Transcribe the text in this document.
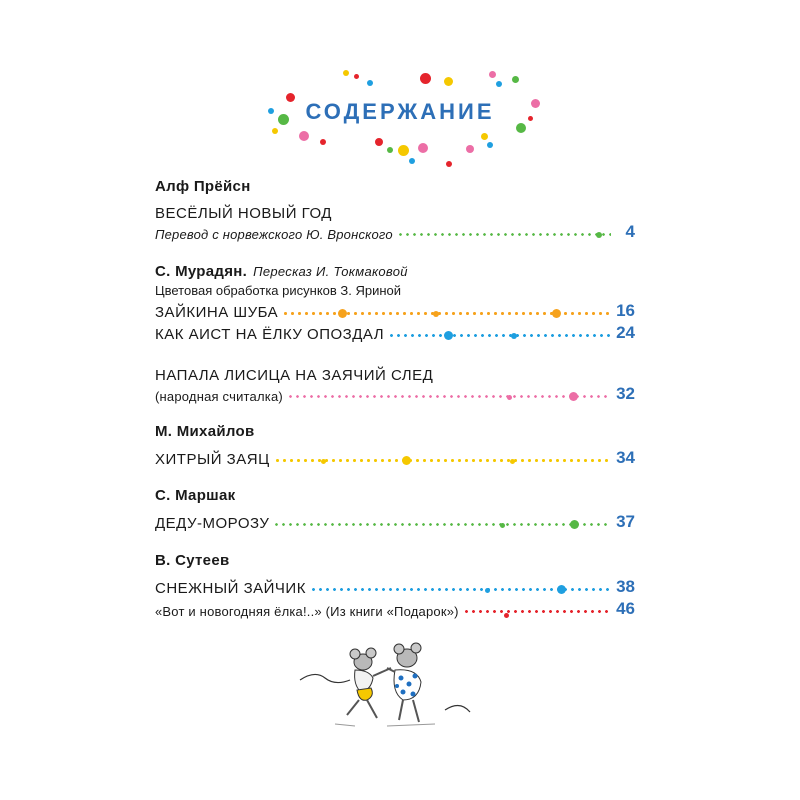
СОДЕРЖАНИЕ
Алф Прёйсн
ВЕСЁЛЫЙ НОВЫЙ ГОД
Перевод с норвежского Ю. Вронского	4
С. Мурадян. Пересказ И. Токмаковой
Цветовая обработка рисунков З. Яриной
ЗАЙКИНА ШУБА	16
КАК АИСТ НА ЁЛКУ ОПОЗДАЛ	24
НАПАЛА ЛИСИЦА НА ЗАЯЧИЙ СЛЕД
(народная считалка)	32
М. Михайлов
ХИТРЫЙ ЗАЯЦ	34
С. Маршак
ДЕДУ-МОРОЗУ	37
В. Сутеев
СНЕЖНЫЙ ЗАЙЧИК	38
«Вот и новогодняя ёлка!..» (Из книги «Подарок»)	46
